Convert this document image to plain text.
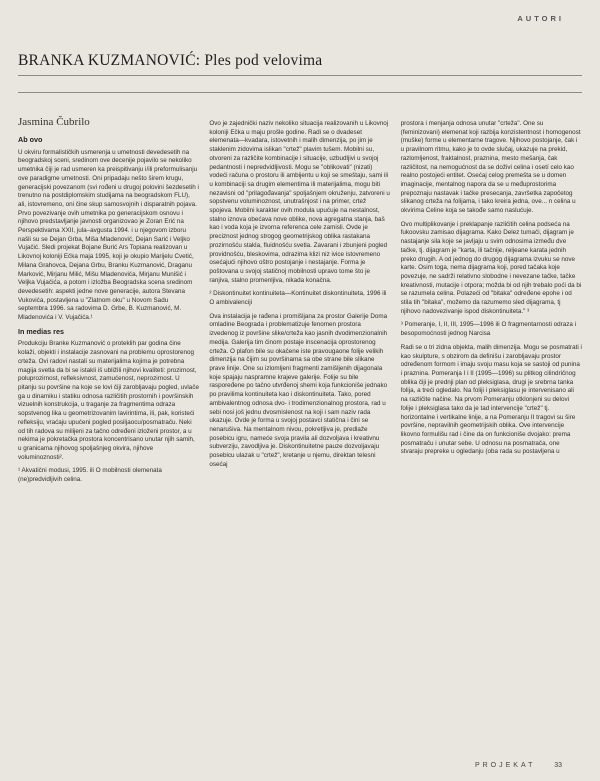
AUTORI
BRANKA KUZMANOVIĆ: Ples pod velovima

Ab ovo

U okviru formalističkih usmerenja u umetnosti devedesetih na beogradskoj sceni, sredinom ove decenije pojavilo se nekoliko umetnika čiji je rad usmeren ka preispitivanju i/ili preformulisanju ove paradigme umetnosti. Oni pripadaju nešto širem krugu, generacijski povezanom (svi rođeni u drugoj polovini šezdesetih i trenutno na postdiplomskim studijama na beogradskom FLU), ali, istovremeno, oni čine skup samosvojnih i disparatnih pojava. Prvo povezivanje ovih umetnika po generacijskom osnovu i njihovo predstavljanje javnosti organizovao je Zoran Erić na Perspektivama XXII, jula–avgusta 1994. i u njegovom izboru našli su se Dejan Grba, Miša Mladenović, Dejan Sarić i Veljko Vujačić. Sledi projekat Bojane Burić Ars Topiana realizovan u Likovnoj koloniji Ečka maja 1995, koji je okupio Marijelu Cvetić, Milana Grahovca, Dejana Grbu, Branku Kuzmanović, Draganu Marković, Mirjanu Milić, Mišu Mladenovića, Mirjanu Munišić i Veljka Vujačića, a potom i izložba Beogradska scena sredinom devedesetih: aspekti jedne nove generacije, autora Stevana Vukovića, postavljena u "Zlatnom oku" u Novom Sadu septembra 1996. sa radovima D. Grbe, B. Kuzmanović, M. Mladenovića i V. Vujačića.¹

In medias res

Produkciju Branke Kuzmanović o proteklih par godina čine kolaži, objekti i instalacije zasnovani na problemu oprostorenog crteža. Ovi radovi nastali su materijalima kojima je potrebna magija svetla da bi se istakli iš ubližili njihovi kvaliteti: prozirnost, poluprozirnost, refleksivnost, zamućenost, neprozirnost. U pitanju su površine na koje se lovi čiji zarobljavaju pogled, uvlače ga u dinamiku i statiku odnosa različitih prostornih i površinskih vizuelnih konstrukcija, u traganje za fragmentima odraza sopstvenog lika u geometrizovanim lavirintima, ili, pak, koristeći refleksiju, vraćaju upućeni pogled posiljaocu/posmatraču. Neki od tih radova su milijeni za tačno određeni izloženi prostor, a u nekima je pokretačka prostora koncentrisano unutar njih samih, u granicama njihovog spoljašnjeg okvira, njihove voluminoznosti².

¹ Akvatični modusi, 1995. ili O mobilnosti olemenata (ne)predvidljivih celina.

Ovo je zajednički naziv nekoliko situacija realizovanih u Likovnoj koloniji Ečka u maju prošle godine. Radi se o dvadeset elemenata—kvadara, istovetnih i malih dimenzija, po jim je staklenim zidovima islikan "crtež" plavim tušem. Mobilni su, otvoreni za različite kombinacije i situacije, uzbudljivi u svojoj pedantnosti i nepredvidljivosti. Mogu se "oblikovati" (nizati) vodeći računa o prostoru ili ambijentu u koji se smeštaju, sami ili u kombinaciji sa drugim elementima ili materijalima, mogu biti nezavisni od "prilagođavanja" spoljašnjem okruženju, zatvoreni u sopstvenu voluminoznost, unutrašnjost i na primer, crtež spojeva. Mobilni karakter ovih modula upućuje na nestalnost, stalno iznova obećava nove oblike, nova agregatna stanja, baš kao i voda koja je izvorna referenca cele zamisli. Ovde je preciznost jednog strogog geometrijskog oblika rastakana prozirnošću stakla, fluidnošću svetla. Zavarani i zbunjeni pogled providnošću, bleskovima, odrazima klizi niz ivice istovremeno osećajući njihovo oštro postojanje i nestajanje. Forma je poštovana u svojoj statičnoj mobilnosti upravo tome što je ranjiva, stalno promenljiva, nikada konačna.

² Diskontinuitet kontinuiteta—Kontinuitet diskontinuiteta, 1996 ili O ambivalenciji

Ova instalacija je rađena i promišljana za prostor Galerije Doma omladine Beograda i problematizuje fenomen prostora izvedenog iz površine slike/crteža kao jasnih dvodimenzionalnih medija. Galerija tim činom postaje inscenacija oprostorenog crteža. O plafon bile su okačene iste pravougaone folije velikih dimenzija na čijim su površinama sa obe strane bile slikane prave linije. One su izlomljeni fragmenti zamišljenih dijagonala koje spajaju naspramne krajeve galerije. Folije su bile raspoređene po tačno utvrđenoj shemi koja funkcioniše jednako po pravilima kontinuiteta kao i diskontinuiteta. Tako, pored ambivalentnog odnosa dvo- i trodimenzionalnog prostora, rad u sebi nosi još jednu dvosmislenost na koji i sam naziv rada ukazuje. Ovde je forma u svojoj postavci statična i čini se nenarušiva. Na mentalnom nivou, pokretljiva je, predlaže posebicu igru, nameće svoja pravila ali dozvoljava i kreativnu subverziju, zavodljiva je. Diskontinuitetne pauze dozvoljavaju posebicu ulazak u "crtež", kretanje u njemu, direktan telesni osećaj

prostora i menjanja odnosa unutar "crteža". One su (feminizovani) elemenat koji razbija konzistentnost i homogenost (muške) forme u elementarne tragove. Njihovo postojanje, čak i u pravilnom ritmu, kako je to ovde slučaj, ukazuje na prekid, razlomljenost, fraktalnost, praznina, mesto mešanja, čak različitost, na nemogućnost da se doživi celina i osetí celo kao realno postojeći entitet. Osećaj celog premešta se u domen imaginacije, mentalnog napora da se u međuprostorima prepoznaju nastavak i tačke presecanja, završetka započetog slikanog crteža na folijama, i tako kreira jedna, ove... n celina u okvirima Celine koja se takođe samo naslućuje.

Ovo multiplikovanje i preklapanje različitih celina podseća na fukoovsku zamisao dijagrama. Kako Delez tumači, dijagram je nastajanje sila koje se javljaju u svim odnosima između dve tačke, tj. dijagram je "karta, ili tačnije, reljeane karata jednih preko drugih. A od jednog do drugog dijagrama izvuku se nove karte. Osim toga, nema dijagrama koji, pored tačaka koje povezuje, ne sadrži relativno slobodne i nevezane tačke, tačke kreativnosti, mutacije i otpora; možda bi od njih trebalo poći da bi se razumela celina. Polazeći od "bitaka" određene epohe i od stila tih "bitaka", možemo da razumemo sled dijagrama, tj njihovo nadovezivanje ispod diskontinuiteta." ³

³ Pomeranje, I, II, III, 1995—1996 ili O fragmentarnosti odraza i besopomoćnosti jednog Narcisa

Radi se o tri zidna objekta, malih dimenzija. Mogu se posmatrati i kao skulpture, s obzirom da definišu i zarobljavaju prostor određenom formom i imaju svoju masu koja se sastoji od punina i praznina. Pomeranja I i II (1995—1996) su plitkog cilindričnog oblika čiji je prednji plan od pleksiglasa, drugi je srebrna tanka folija, a treći ogledalo. Na foliji i pleksiglasu je intervenisano ali na različite načine. Na prvom Pomeranju otklonjeni su delovi folije i pleksiglasa tako da je tad intervencije "crtež" tj. horizontalne i vertikalne linije, a na Pomeranju II tragovi su šire površine, nepravilnih geometrijskih oblika. Ove intervencije likovno formulišu rad i čine da on funkcioniše dvojako: prema posmatraču i unutar sebe. U odnosu na posmatrača, one stvaraju prepreke u ogledanju (oba rada su postavljena u

Jasmina Čubrilo
PROJEKAT	33
